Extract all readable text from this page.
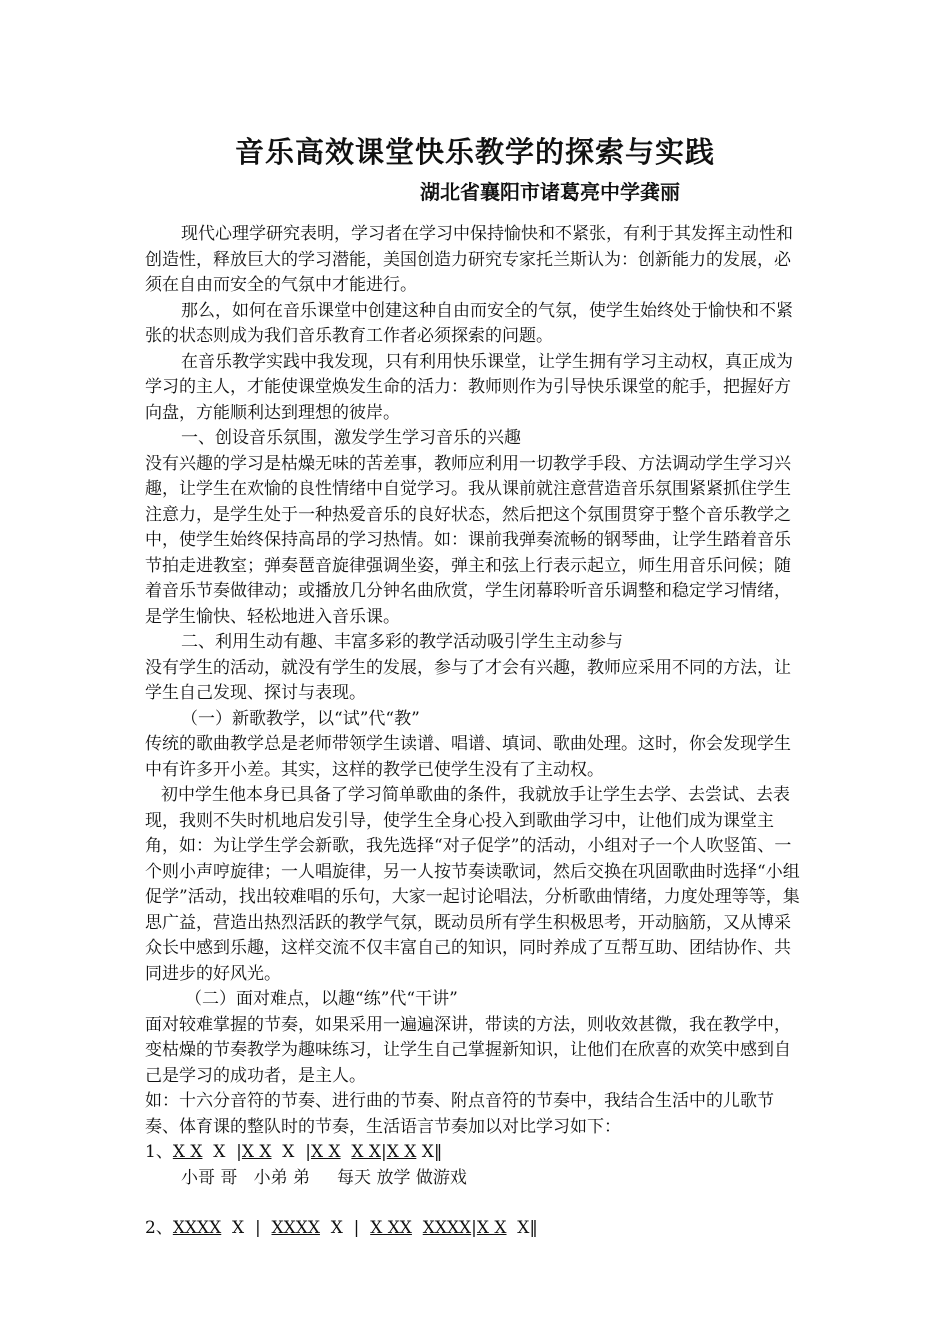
音乐高效课堂快乐教学的探索与实践
湖北省襄阳市诸葛亮中学龚丽

现代心理学研究表明，学习者在学习中保持愉快和不紧张，有利于其发挥主动性和创造性，释放巨大的学习潜能，美国创造力研究专家托兰斯认为：创新能力的发展，必须在自由而安全的气氛中才能进行。

那么，如何在音乐课堂中创建这种自由而安全的气氛，使学生始终处于愉快和不紧张的状态则成为我们音乐教育工作者必须探索的问题。

在音乐教学实践中我发现，只有利用快乐课堂，让学生拥有学习主动权，真正成为学习的主人，才能使课堂焕发生命的活力：教师则作为引导快乐课堂的舵手，把握好方向盘，方能顺利达到理想的彼岸。

一、创设音乐氛围，激发学生学习音乐的兴趣

没有兴趣的学习是枯燥无味的苦差事，教师应利用一切教学手段、方法调动学生学习兴趣，让学生在欢愉的良性情绪中自觉学习。我从课前就注意营造音乐氛围紧紧抓住学生注意力，是学生处于一种热爱音乐的良好状态，然后把这个氛围贯穿于整个音乐教学之中，使学生始终保持高昂的学习热情。如：课前我弹奏流畅的钢琴曲，让学生踏着音乐节拍走进教室；弹奏琶音旋律强调坐姿，弹主和弦上行表示起立，师生用音乐问候；随着音乐节奏做律动；或播放几分钟名曲欣赏，学生闭幕聆听音乐调整和稳定学习情绪，是学生愉快、轻松地进入音乐课。

二、利用生动有趣、丰富多彩的教学活动吸引学生主动参与

没有学生的活动，就没有学生的发展，参与了才会有兴趣，教师应采用不同的方法，让学生自己发现、探讨与表现。

（一）新歌教学，以“试”代“教”

传统的歌曲教学总是老师带领学生读谱、唱谱、填词、歌曲处理。这时，你会发现学生中有许多开小差。其实，这样的教学已使学生没有了主动权。

初中学生他本身已具备了学习简单歌曲的条件，我就放手让学生去学、去尝试、去表现，我则不失时机地启发引导，使学生全身心投入到歌曲学习中，让他们成为课堂主角，如：为让学生学会新歌，我先选择“对子促学”的活动，小组对子一个人吹竖笛、一个则小声哼旋律；一人唱旋律，另一人按节奏读歌词，然后交换在巩固歌曲时选择“小组促学”活动，找出较难唱的乐句，大家一起讨论唱法，分析歌曲情绪，力度处理等等，集思广益，营造出热烈活跃的教学气氛，既动员所有学生积极思考，开动脑筋，又从博采众长中感到乐趣，这样交流不仅丰富自己的知识，同时养成了互帮互助、团结协作、共同进步的好风光。

（二）面对难点，以趣“练”代“干讲”

面对较难掌握的节奏，如果采用一遍遍深讲，带读的方法，则收效甚微，我在教学中，变枯燥的节奏教学为趣味练习，让学生自己掌握新知识，让他们在欣喜的欢笑中感到自己是学习的成功者，是主人。

如：十六分音符的节奏、进行曲的节奏、附点音符的节奏中，我结合生活中的儿歌节奏、体育课的整队时的节奏，生活语言节奏加以对比学习如下：

1、X X  X  |X X  X  |X X X X|X X X‖

小哥 哥   小弟 弟     每天 放学 做游戏

2、XXXX  X  |  XXXX  X  |  X XX XXXX|X X  X‖
